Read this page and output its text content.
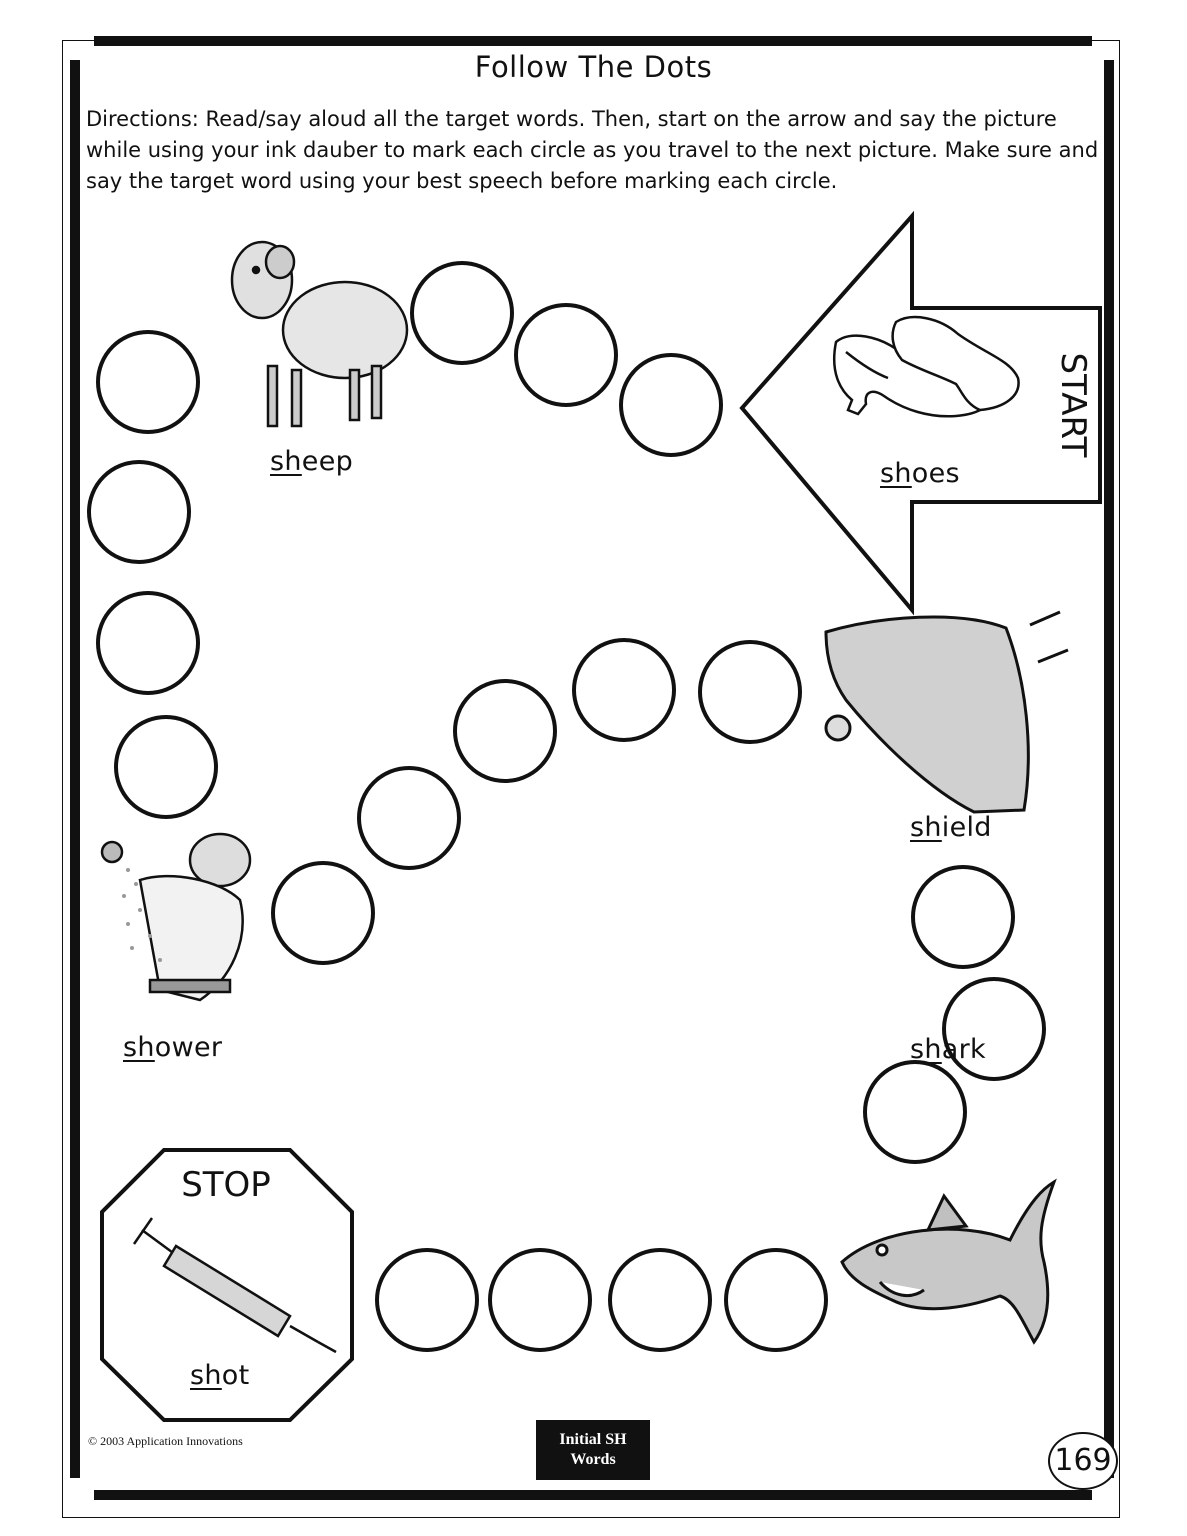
Follow The Dots
Directions: Read/say aloud all the target words. Then, start on the arrow and say the picture while using your ink dauber to mark each circle as you travel to the next picture. Make sure and say the target word using your best speech before marking each circle.
START
STOP
shoes
sheep
shield
shower	shark
shot
© 2003 Application Innovations	Initial SH
Words	169
